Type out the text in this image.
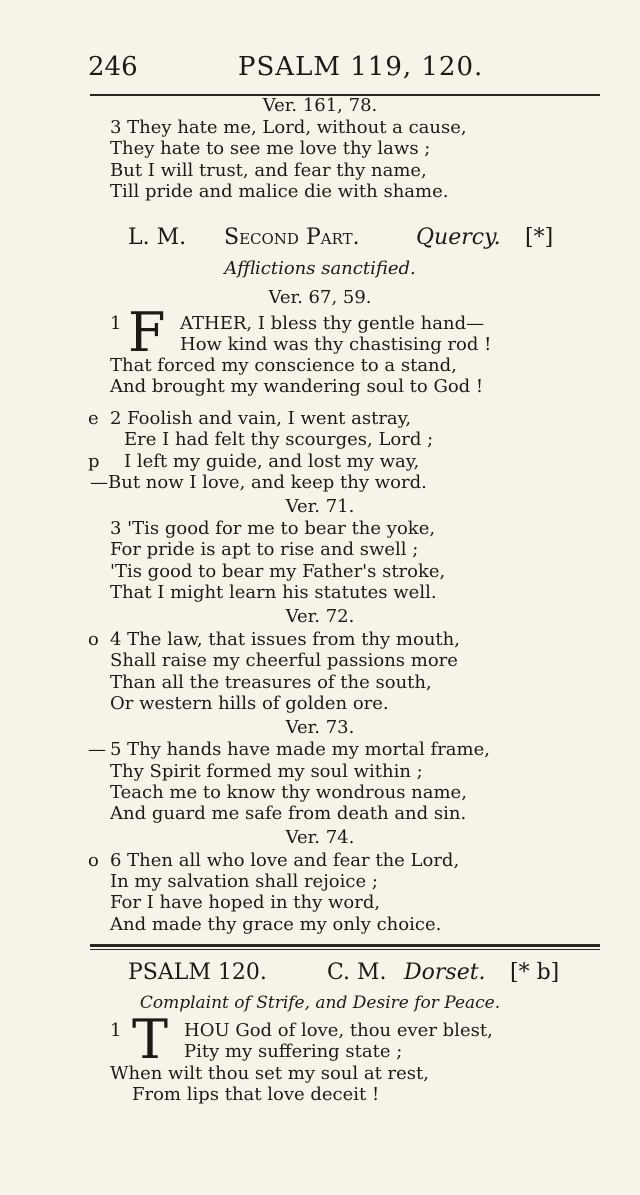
246	PSALM 119, 120.
Ver. 161, 78.
3 They hate me, Lord, without a cause,
They hate to see me love thy laws ;
But I will trust, and fear thy name,
Till pride and malice die with shame.
L. M. Second Part.	Quercy. [*]
Afflictions sanctified.
Ver. 67, 59.
1 F ATHER, I bless thy gentle hand—
How kind was thy chastising rod !
That forced my conscience to a stand,
And brought my wandering soul to God !
e 2 Foolish and vain, I went astray,
Ere I had felt thy scourges, Lord ;
p I left my guide, and lost my way,
—But now I love, and keep thy word.
Ver. 71.
3 'Tis good for me to bear the yoke,
For pride is apt to rise and swell ;
'Tis good to bear my Father's stroke,
That I might learn his statutes well.
Ver. 72.
o 4 The law, that issues from thy mouth,
Shall raise my cheerful passions more
Than all the treasures of the south,
Or western hills of golden ore.
Ver. 73.
— 5 Thy hands have made my mortal frame,
Thy Spirit formed my soul within ;
Teach me to know thy wondrous name,
And guard me safe from death and sin.
Ver. 74.
o 6 Then all who love and fear the Lord,
In my salvation shall rejoice ;
For I have hoped in thy word,
And made thy grace my only choice.
PSALM 120.	C. M. Dorset. [* b]
Complaint of Strife, and Desire for Peace.
1 T HOU God of love, thou ever blest,
Pity my suffering state ;
When wilt thou set my soul at rest,
From lips that love deceit !
